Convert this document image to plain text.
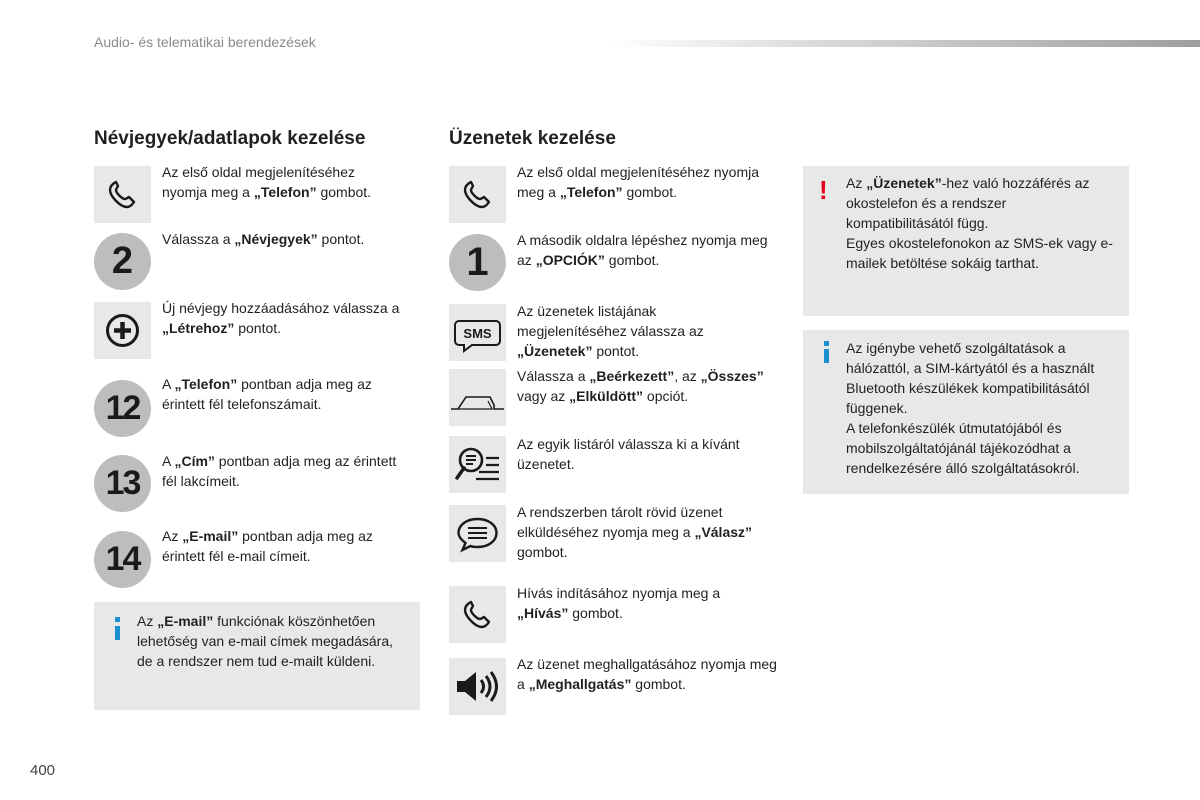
Audio- és telematikai berendezések
Névjegyek/adatlapok kezelése
Az első oldal megjelenítéséhez nyomja meg a „Telefon” gombot.
2
Válassza a „Névjegyek” pontot.
Új névjegy hozzáadásához válassza a „Létrehoz” pontot.
12
A „Telefon” pontban adja meg az érintett fél telefonszámait.
13
A „Cím” pontban adja meg az érintett fél lakcímeit.
14
Az „E-mail” pontban adja meg az érintett fél e-mail címeit.
Az „E-mail” funkciónak köszönhetően lehetőség van e-mail címek megadására, de a rendszer nem tud e-mailt küldeni.
Üzenetek kezelése
Az első oldal megjelenítéséhez nyomja meg a „Telefon” gombot.
1	A második oldalra lépéshez nyomja meg az „OPCIÓK” gombot.
SMS
Az üzenetek listájának megjelenítéséhez válassza az „Üzenetek” pontot.
Válassza a „Beérkezett”, az „Összes” vagy az „Elküldött” opciót.
Az egyik listáról válassza ki a kívánt üzenetet.
A rendszerben tárolt rövid üzenet elküldéséhez nyomja meg a „Válasz” gombot.
Hívás indításához nyomja meg a „Hívás” gombot.
Az üzenet meghallgatásához nyomja meg a „Meghallgatás” gombot.
! Az „Üzenetek”-hez való hozzáférés az okostelefon és a rendszer kompatibilitásától függ.
Egyes okostelefonokon az SMS-ek vagy e-mailek betöltése sokáig tarthat.
Az igénybe vehető szolgáltatások a hálózattól, a SIM-kártyától és a használt Bluetooth készülékek kompatibilitásától függenek.
A telefonkészülék útmutatójából és mobilszolgáltatójánál tájékozódhat a rendelkezésére álló szolgáltatásokról.
400
